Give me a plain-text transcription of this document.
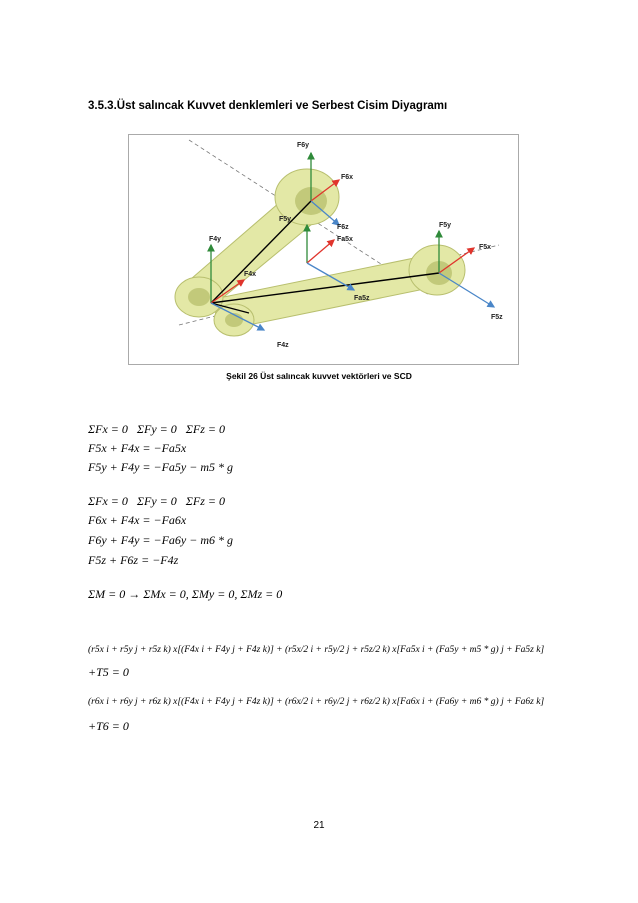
3.5.3.Üst salıncak Kuvvet denklemleri ve Serbest Cisim Diyagramı
F6y
F6x
F6z
Fa5x
F5y
F4y
F4x
F4z
Fa5z
F5y
F5x
F5z
Şekil 26 Üst salıncak kuvvet vektörleri ve SCD
ΣFx = 0   ΣFy = 0   ΣFz = 0
F5x + F4x = −Fa5x
F5y + F4y = −Fa5y − m5 * g
ΣFx = 0   ΣFy = 0   ΣFz = 0
F6x + F4x = −Fa6x
F6y + F4y = −Fa6y − m6 * g
F5z + F6z = −F4z
ΣM = 0 → ΣMx = 0, ΣMy = 0, ΣMz = 0
(r5x i + r5y j + r5z k) x[(F4x i + F4y j + F4z k)] + (r5x/2 i + r5y/2 j + r5z/2 k) x[Fa5x i + (Fa5y + m5 * g) j + Fa5z k]
+T5 = 0
(r6x i + r6y j + r6z k) x[(F4x i + F4y j + F4z k)] + (r6x/2 i + r6y/2 j + r6z/2 k) x[Fa6x i + (Fa6y + m6 * g) j + Fa6z k]
+T6 = 0
21
